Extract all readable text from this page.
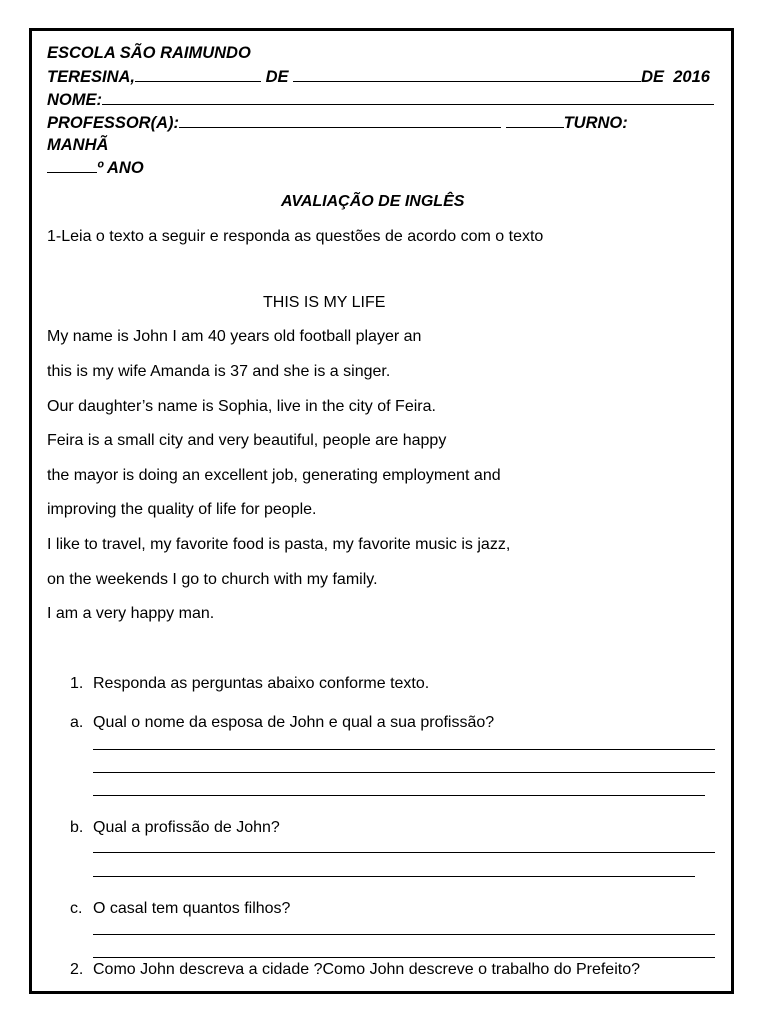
ESCOLA SÃO RAIMUNDO
TERESINA,	DE	DE 2016
NOME:
PROFESSOR(A):	TURNO:
MANHÃ
º ANO
AVALIAÇÃO DE INGLÊS
1-Leia o texto a seguir e responda as questões de acordo com o texto
THIS IS MY LIFE
My name is John I am 40 years old football player an
this is my wife Amanda is 37 and she is a singer.
Our daughter’s name is Sophia, live in the city of Feira.
Feira is a small city and very beautiful, people are happy
the mayor is doing an excellent job, generating employment and
improving the quality of life for people.
I like to travel, my favorite food is pasta, my favorite music is jazz,
on the weekends I go to church with my family.
I am a very happy man.
1. Responda as perguntas abaixo conforme texto.
a. Qual o nome da esposa de John e qual a sua profissão?
b. Qual a profissão de John?
c. O casal tem quantos filhos?
2. Como John descreva a cidade ?Como John descreve o trabalho do Prefeito?
